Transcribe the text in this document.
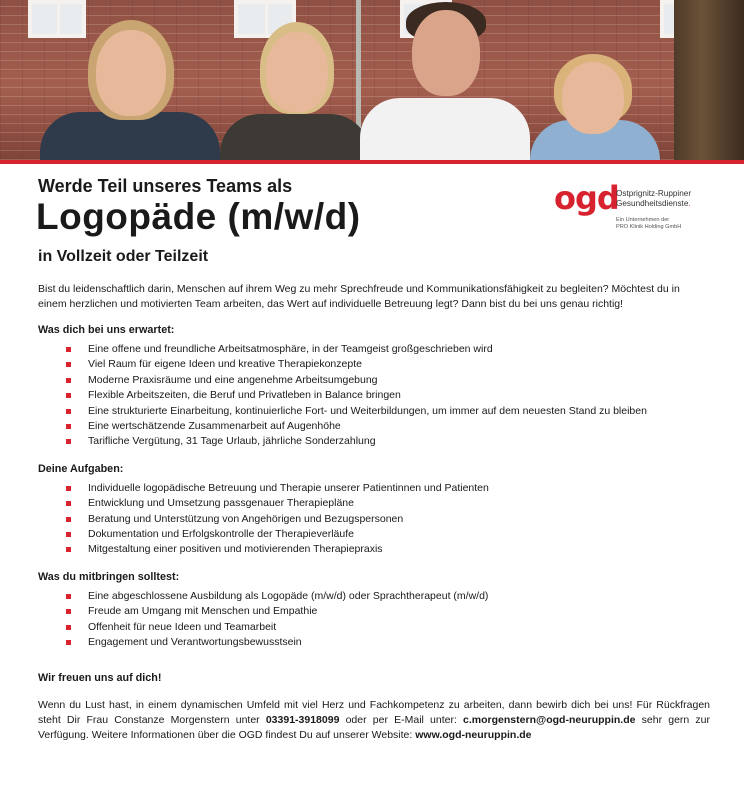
Werde Teil unseres Teams als
Logopäde (m/w/d)
in Vollzeit oder Teilzeit
ogd
Ostprignitz-Ruppiner
Gesundheitsdienste.
Ein Unternehmen der
PRO Klinik Holding GmbH

Bist du leidenschaftlich darin, Menschen auf ihrem Weg zu mehr Sprechfreude und Kommunikationsfähigkeit zu begleiten? Möchtest du in einem herzlichen und motivierten Team arbeiten, das Wert auf individuelle Betreuung legt? Dann bist du bei uns genau richtig!

Was dich bei uns erwartet:

Eine offene und freundliche Arbeitsatmosphäre, in der Teamgeist großgeschrieben wird
Viel Raum für eigene Ideen und kreative Therapiekonzepte
Moderne Praxisräume und eine angenehme Arbeitsumgebung
Flexible Arbeitszeiten, die Beruf und Privatleben in Balance bringen
Eine strukturierte Einarbeitung, kontinuierliche Fort- und Weiterbildungen, um immer auf dem neuesten Stand zu bleiben
Eine wertschätzende Zusammenarbeit auf Augenhöhe
Tarifliche Vergütung, 31 Tage Urlaub, jährliche Sonderzahlung

Deine Aufgaben:

Individuelle logopädische Betreuung und Therapie unserer Patientinnen und Patienten
Entwicklung und Umsetzung passgenauer Therapiepläne
Beratung und Unterstützung von Angehörigen und Bezugspersonen
Dokumentation und Erfolgskontrolle der Therapieverläufe
Mitgestaltung einer positiven und motivierenden Therapiepraxis

Was du mitbringen solltest:

Eine abgeschlossene Ausbildung als Logopäde (m/w/d) oder Sprachtherapeut (m/w/d)
Freude am Umgang mit Menschen und Empathie
Offenheit für neue Ideen und Teamarbeit
Engagement und Verantwortungsbewusstsein

Wir freuen uns auf dich!

Wenn du Lust hast, in einem dynamischen Umfeld mit viel Herz und Fachkompetenz zu arbeiten, dann bewirb dich bei uns! Für Rückfragen steht Dir Frau Constanze Morgenstern unter 03391-3918099 oder per E-Mail unter: c.morgenstern@ogd-neuruppin.de sehr gern zur Verfügung. Weitere Informationen über die OGD findest Du auf unserer Website: www.ogd-neuruppin.de
